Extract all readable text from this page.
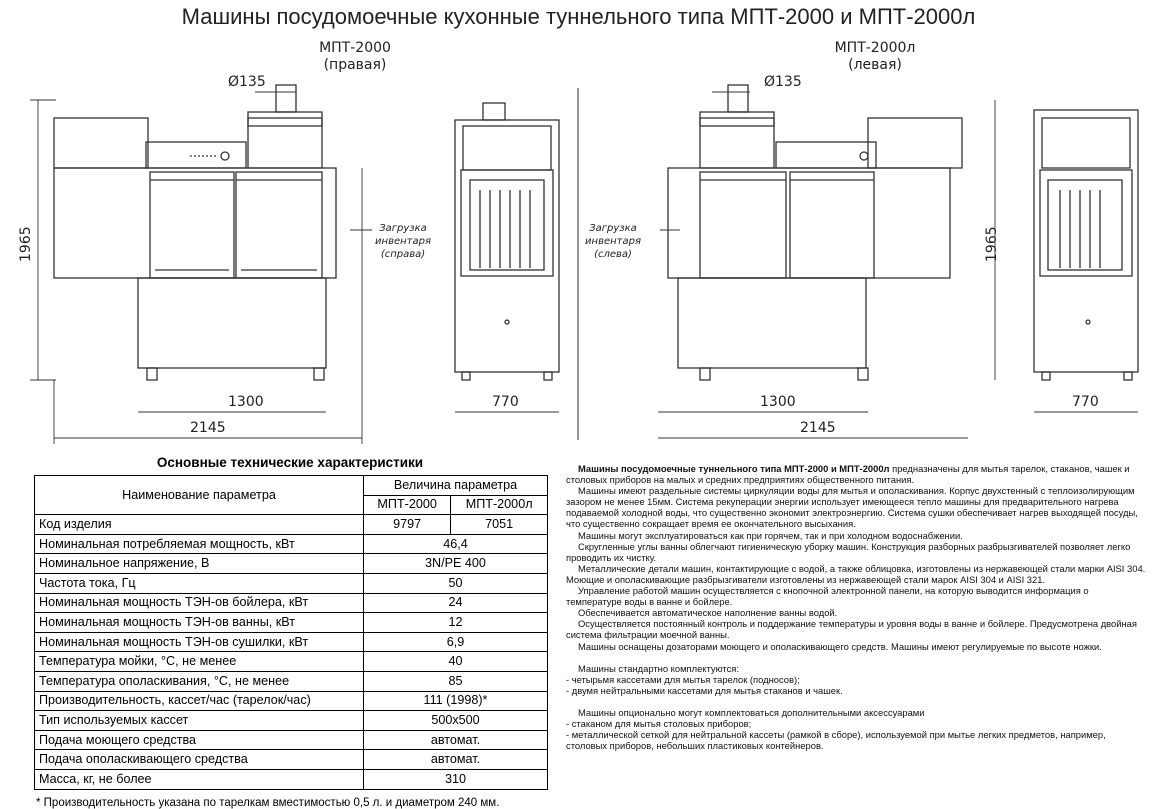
Машины посудомоечные кухонные туннельного типа МПТ-2000 и МПТ-2000л
МПТ-2000
(правая)
МПТ-2000л
(левая)
Ø135	Ø135
Загрузка
инвентаря
(справа)
Загрузка
инвентаря
(слева)
1965	1965
1300
2145
770	1300
2145
770
Основные технические характеристики
Наименование параметра	Величина параметра	
	МПТ-2000	МПТ-2000л
Код изделия	9797	7051
Номинальная потребляемая мощность, кВт	46,4	
Номинальное напряжение, В	3N/PE 400	
Частота тока, Гц	50	
Номинальная мощность ТЭН-ов бойлера, кВт	24	
Номинальная мощность ТЭН-ов ванны, кВт	12	
Номинальная мощность ТЭН-ов сушилки, кВт	6,9	
Температура мойки, °С, не менее	40	
Температура ополаскивания, °С, не менее	85	
Производительность, кассет/час (тарелок/час)	111 (1998)*	
Тип используемых кассет	500х500	
Подача моющего средства	автомат.	
Подача ополаскивающего средства	автомат.	
Масса, кг, не более	310	
* Производительность указана по тарелкам вместимостью 0,5 л. и диаметром 240 мм.

Машины посудомоечные туннельного типа МПТ-2000 и МПТ-2000л предназначены для мытья тарелок, стаканов, чашек и столовых приборов на малых и средних предприятиях общественного питания.

Машины имеют раздельные системы циркуляции воды для мытья и ополаскивания. Корпус двухстенный с теплоизолирующим зазором не менее 15мм. Система рекуперации энергии использует имеющееся тепло машины для предварительного нагрева подаваемой холодной воды, что существенно экономит электроэнергию. Система сушки обеспечивает нагрев выходящей посуды, что существенно сокращает время ее окончательного высыхания.

Машины могут эксплуатироваться как при горячем, так и при холодном водоснабжении.

Скругленные углы ванны облегчают гигиеническую уборку машин. Конструкция разборных разбрызгивателей позволяет легко проводить их чистку.

Металлические детали машин, контактирующие с водой, а также облицовка, изготовлены из нержавеющей стали марки AISI 304. Моющие и ополаскивающие разбрызгиватели изготовлены из нержавеющей стали марок AISI 304 и AISI 321.

Управление работой машин осуществляется с кнопочной электронной панели, на которую выводится информация о температуре воды в ванне и бойлере.

Обеспечивается автоматическое наполнение ванны водой.

Осуществляется постоянный контроль и поддержание температуры и уровня воды в ванне и бойлере. Предусмотрена двойная система фильтрации моечной ванны.

Машины оснащены дозаторами моющего и ополаскивающего средств. Машины имеют регулируемые по высоте ножки.

Машины стандартно комплектуются:

- четырьмя кассетами для мытья тарелок (подносов);

- двумя нейтральными кассетами для мытья стаканов и чашек.

Машины опционально могут комплектоваться дополнительными аксессуарами

- стаканом для мытья столовых приборов;

- металлической сеткой для нейтральной кассеты (рамкой в сборе), используемой при мытье легких предметов, например, столовых приборов, небольших пластиковых контейнеров.
